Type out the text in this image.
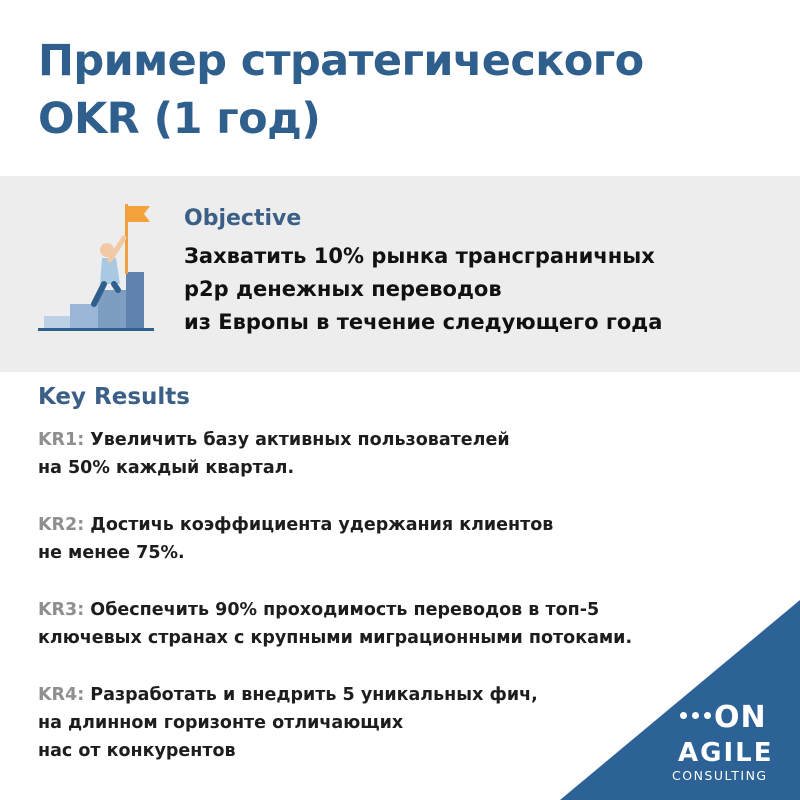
Пример стратегического
OKR (1 год)
Objective
Захватить 10% рынка трансграничных
p2p денежных переводов
из Европы в течение следующего года
Key Results
KR1: Увеличить базу активных пользователей
на 50% каждый квартал.
KR2: Достичь коэффициента удержания клиентов
не менее 75%.
KR3: Обеспечить 90% проходимость переводов в топ-5
ключевых странах с крупными миграционными потоками.
KR4: Разработать и внедрить 5 уникальных фич,
на длинном горизонте отличающих
нас от конкурентов
ON
AGILE
CONSULTING
